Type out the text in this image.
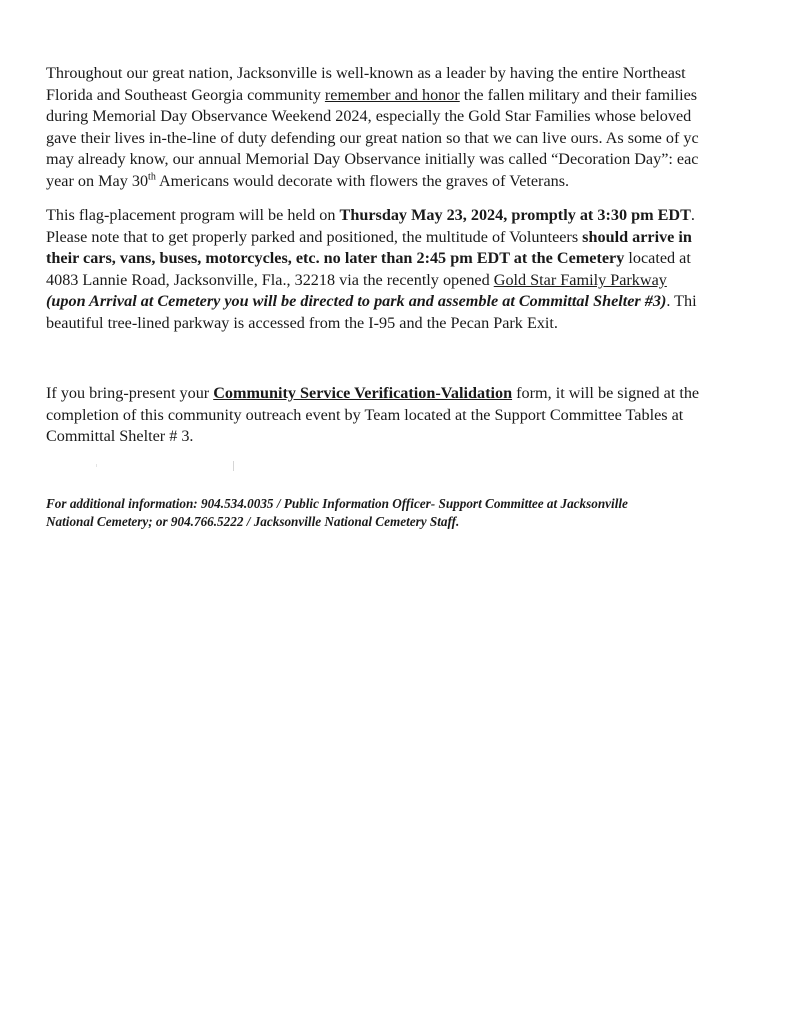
Throughout our great nation, Jacksonville is well-known as a leader by having the entire Northeast
Florida and Southeast Georgia community remember and honor the fallen military and their families
during Memorial Day Observance Weekend 2024, especially the Gold Star Families whose beloved
gave their lives in-the-line of duty defending our great nation so that we can live ours. As some of yc
may already know, our annual Memorial Day Observance initially was called “Decoration Day”: eac
year on May 30th Americans would decorate with flowers the graves of Veterans.

This flag-placement program will be held on Thursday May 23, 2024, promptly at 3:30 pm EDT.
Please note that to get properly parked and positioned, the multitude of Volunteers should arrive in
their cars, vans, buses, motorcycles, etc. no later than 2:45 pm EDT at the Cemetery located at
4083 Lannie Road, Jacksonville, Fla., 32218 via the recently opened Gold Star Family Parkway
(upon Arrival at Cemetery you will be directed to park and assemble at Committal Shelter #3). Thi
beautiful tree-lined parkway is accessed from the I-95 and the Pecan Park Exit.

If you bring-present your Community Service Verification-Validation form, it will be signed at the
completion of this community outreach event by Team located at the Support Committee Tables at
Committal Shelter # 3.

For additional information: 904.534.0035 / Public Information Officer- Support Committee at Jacksonville
National Cemetery; or 904.766.5222 / Jacksonville National Cemetery Staff.
